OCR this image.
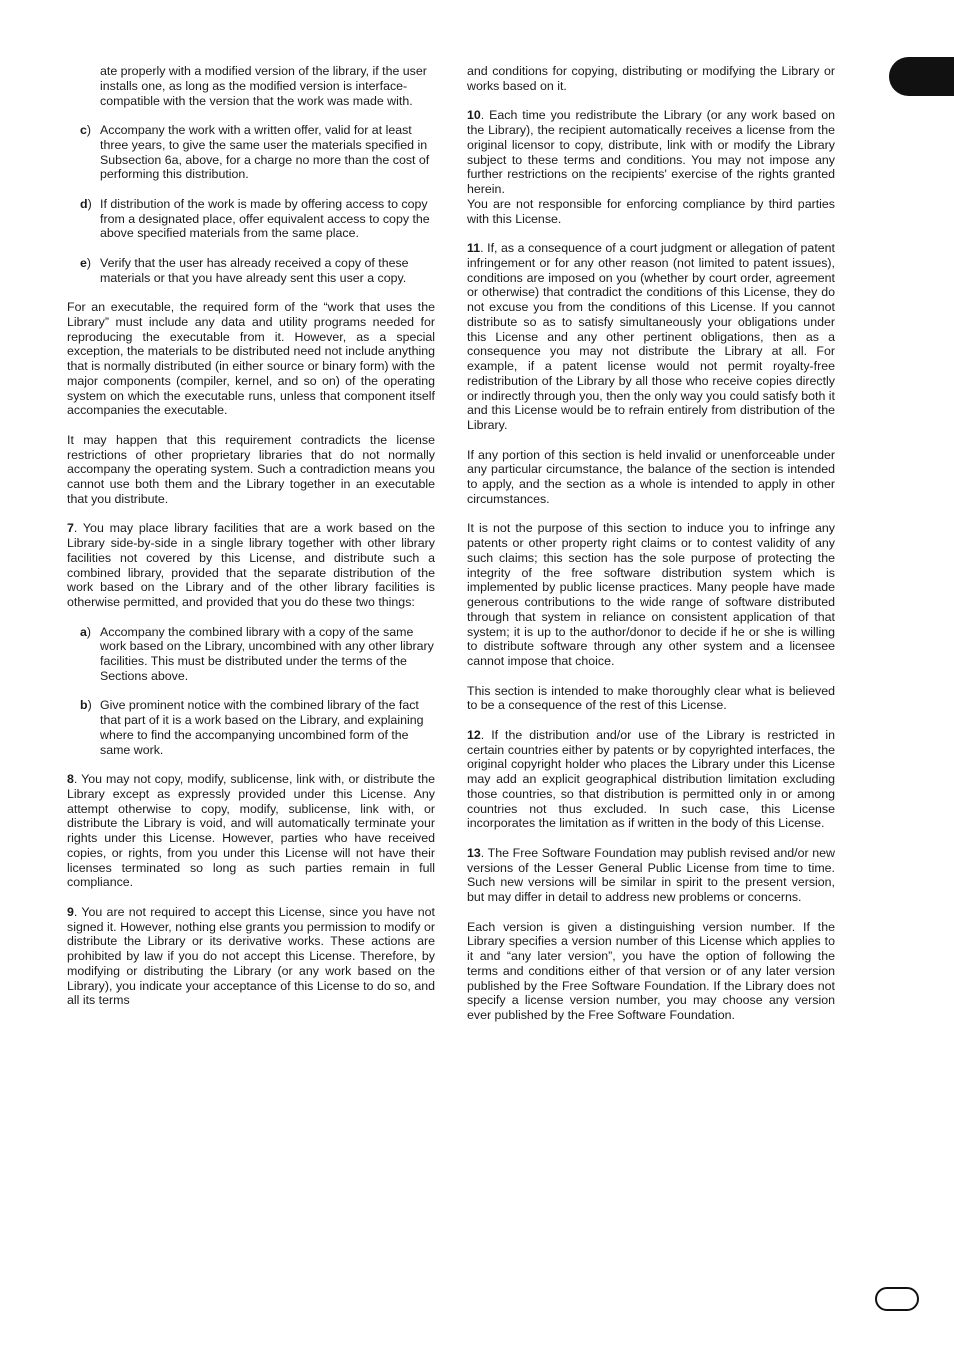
ate properly with a modified version of the library, if the user installs one, as long as the modified version is interface-compatible with the version that the work was made with.
c) Accompany the work with a written offer, valid for at least three years, to give the same user the materials specified in Subsection 6a, above, for a charge no more than the cost of performing this distribution.
d) If distribution of the work is made by offering access to copy from a designated place, offer equivalent access to copy the above specified materials from the same place.
e) Verify that the user has already received a copy of these materials or that you have already sent this user a copy.

For an executable, the required form of the “work that uses the Library” must include any data and utility programs needed for reproducing the executable from it. However, as a special exception, the materials to be distributed need not include anything that is normally distributed (in either source or binary form) with the major components (compiler, kernel, and so on) of the operating system on which the executable runs, unless that component itself accompanies the executable.

It may happen that this requirement contradicts the license restrictions of other proprietary libraries that do not normally accompany the operating system. Such a contradiction means you cannot use both them and the Library together in an executable that you distribute.

7. You may place library facilities that are a work based on the Library side-by-side in a single library together with other library facilities not covered by this License, and distribute such a combined library, provided that the separate distribution of the work based on the Library and of the other library facilities is otherwise permitted, and provided that you do these two things:

a) Accompany the combined library with a copy of the same work based on the Library, uncombined with any other library facilities. This must be distributed under the terms of the Sections above.
b) Give prominent notice with the combined library of the fact that part of it is a work based on the Library, and explaining where to find the accompanying uncombined form of the same work.

8. You may not copy, modify, sublicense, link with, or distribute the Library except as expressly provided under this License. Any attempt otherwise to copy, modify, sublicense, link with, or distribute the Library is void, and will automatically terminate your rights under this License. However, parties who have received copies, or rights, from you under this License will not have their licenses terminated so long as such parties remain in full compliance.

9. You are not required to accept this License, since you have not signed it. However, nothing else grants you permission to modify or distribute the Library or its derivative works. These actions are prohibited by law if you do not accept this License. Therefore, by modifying or distributing the Library (or any work based on the Library), you indicate your acceptance of this License to do so, and all its terms

and conditions for copying, distributing or modifying the Library or works based on it.

10. Each time you redistribute the Library (or any work based on the Library), the recipient automatically receives a license from the original licensor to copy, distribute, link with or modify the Library subject to these terms and conditions. You may not impose any further restrictions on the recipients' exercise of the rights granted herein.

You are not responsible for enforcing compliance by third parties with this License.

11. If, as a consequence of a court judgment or allegation of patent infringement or for any other reason (not limited to patent issues), conditions are imposed on you (whether by court order, agreement or otherwise) that contradict the conditions of this License, they do not excuse you from the conditions of this License. If you cannot distribute so as to satisfy simultaneously your obligations under this License and any other pertinent obligations, then as a consequence you may not distribute the Library at all. For example, if a patent license would not permit royalty-free redistribution of the Library by all those who receive copies directly or indirectly through you, then the only way you could satisfy both it and this License would be to refrain entirely from distribution of the Library.

If any portion of this section is held invalid or unenforceable under any particular circumstance, the balance of the section is intended to apply, and the section as a whole is intended to apply in other circumstances.

It is not the purpose of this section to induce you to infringe any patents or other property right claims or to contest validity of any such claims; this section has the sole purpose of protecting the integrity of the free software distribution system which is implemented by public license practices. Many people have made generous contributions to the wide range of software distributed through that system in reliance on consistent application of that system; it is up to the author/donor to decide if he or she is willing to distribute software through any other system and a licensee cannot impose that choice.

This section is intended to make thoroughly clear what is believed to be a consequence of the rest of this License.

12. If the distribution and/or use of the Library is restricted in certain countries either by patents or by copyrighted interfaces, the original copyright holder who places the Library under this License may add an explicit geographical distribution limitation excluding those countries, so that distribution is permitted only in or among countries not thus excluded. In such case, this License incorporates the limitation as if written in the body of this License.

13. The Free Software Foundation may publish revised and/or new versions of the Lesser General Public License from time to time. Such new versions will be similar in spirit to the present version, but may differ in detail to address new problems or concerns.

Each version is given a distinguishing version number. If the Library specifies a version number of this License which applies to it and “any later version”, you have the option of following the terms and conditions either of that version or of any later version published by the Free Software Foundation. If the Library does not specify a license version number, you may choose any version ever published by the Free Software Foundation.
